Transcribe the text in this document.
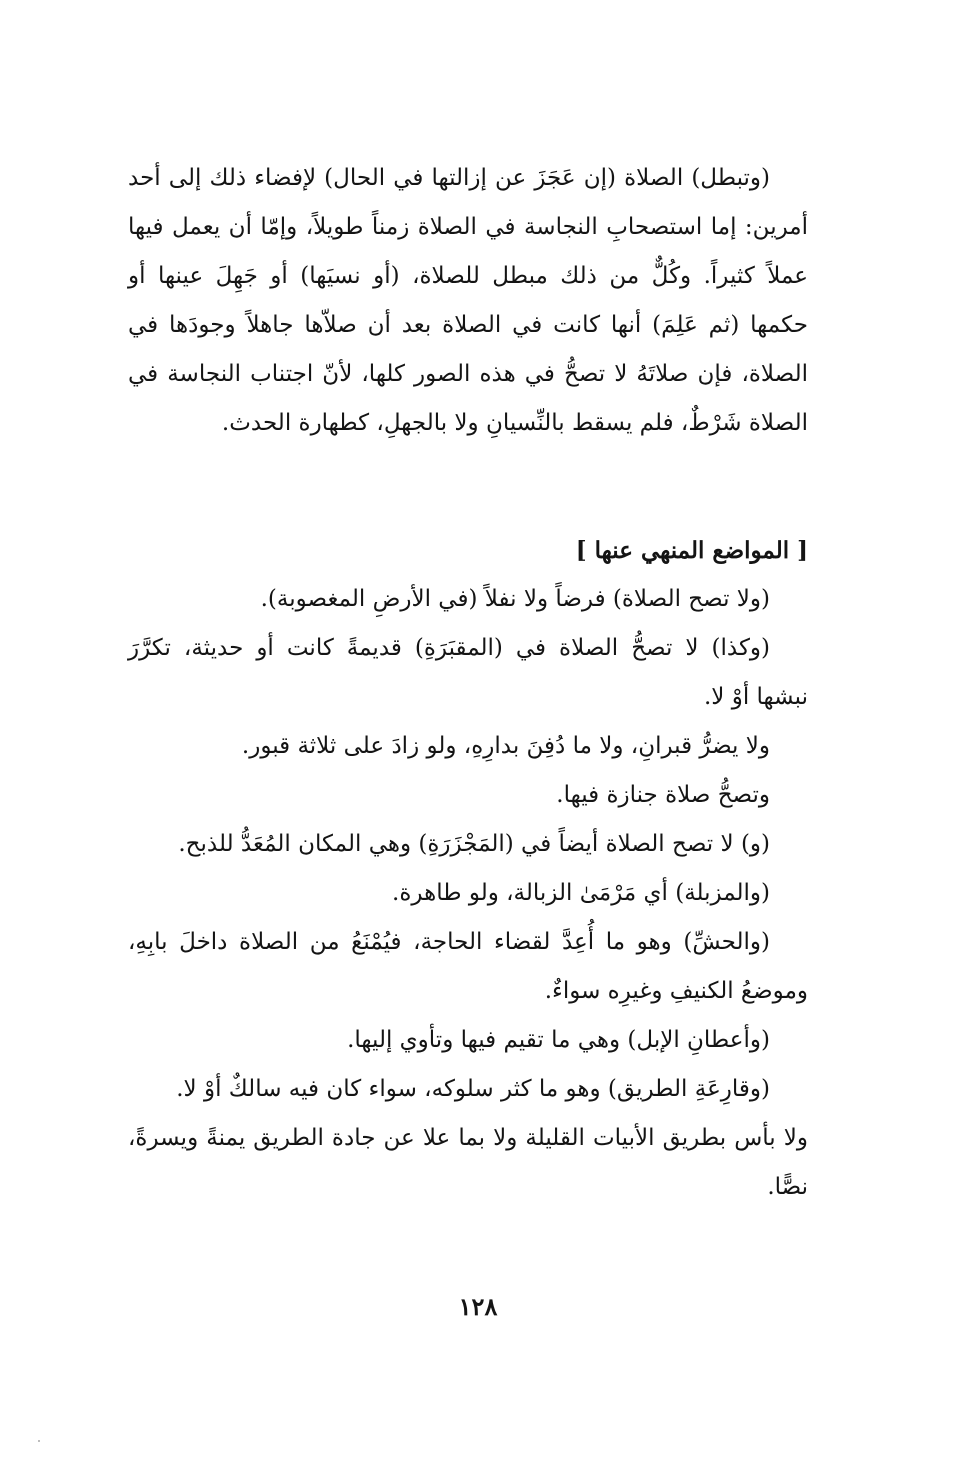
(وتبطل) الصلاة (إن عَجَزَ عن إزالتها في الحال) لإفضاء ذلك إلى أحد أمرين: إما استصحابِ النجاسة في الصلاة زمناً طويلاً، وإمّا أن يعمل فيها عملاً كثيراً. وكُلٌّ من ذلك مبطل للصلاة، (أو نسيَها) أو جَهِلَ عينها أو حكمها (ثم عَلِمَ) أنها كانت في الصلاة بعد أن صلاّها جاهلاً وجودَها في الصلاة، فإن صلاتَهُ لا تصحُّ في هذه الصور كلها، لأنّ اجتناب النجاسة في الصلاة شَرْطٌ، فلم يسقط بالنِّسيانِ ولا بالجهلِ، كطهارة الحدث.

[ المواضع المنهي عنها ]

(ولا تصح الصلاة) فرضاً ولا نفلاً (في الأرضِ المغصوبة).

(وكذا) لا تصحُّ الصلاة في (المقبَرَةِ) قديمةً كانت أو حديثة، تكرَّرَ نبشها أوْ لا.

ولا يضرُّ قبرانِ، ولا ما دُفِنَ بدارِهِ، ولو زادَ على ثلاثة قبور.

وتصحُّ صلاة جنازة فيها.

(و) لا تصح الصلاة أيضاً في (المَجْزَرَةِ) وهي المكان المُعَدُّ للذبح.

(والمزبلة) أي مَرْمَىٰ الزبالة، ولو طاهرة.

(والحشِّ) وهو ما أُعِدَّ لقضاء الحاجة، فيُمْنَعُ من الصلاة داخلَ بابِهِ، وموضعُ الكنيفِ وغيرِه سواءٌ.

(وأعطانِ الإبل) وهي ما تقيم فيها وتأوي إليها.

(وقارِعَةِ الطريق) وهو ما كثر سلوكه، سواء كان فيه سالكٌ أوْ لا.

ولا بأس بطريق الأبيات القليلة ولا بما علا عن جادة الطريق يمنةً ويسرةً، نصًّا.

١٢٨
